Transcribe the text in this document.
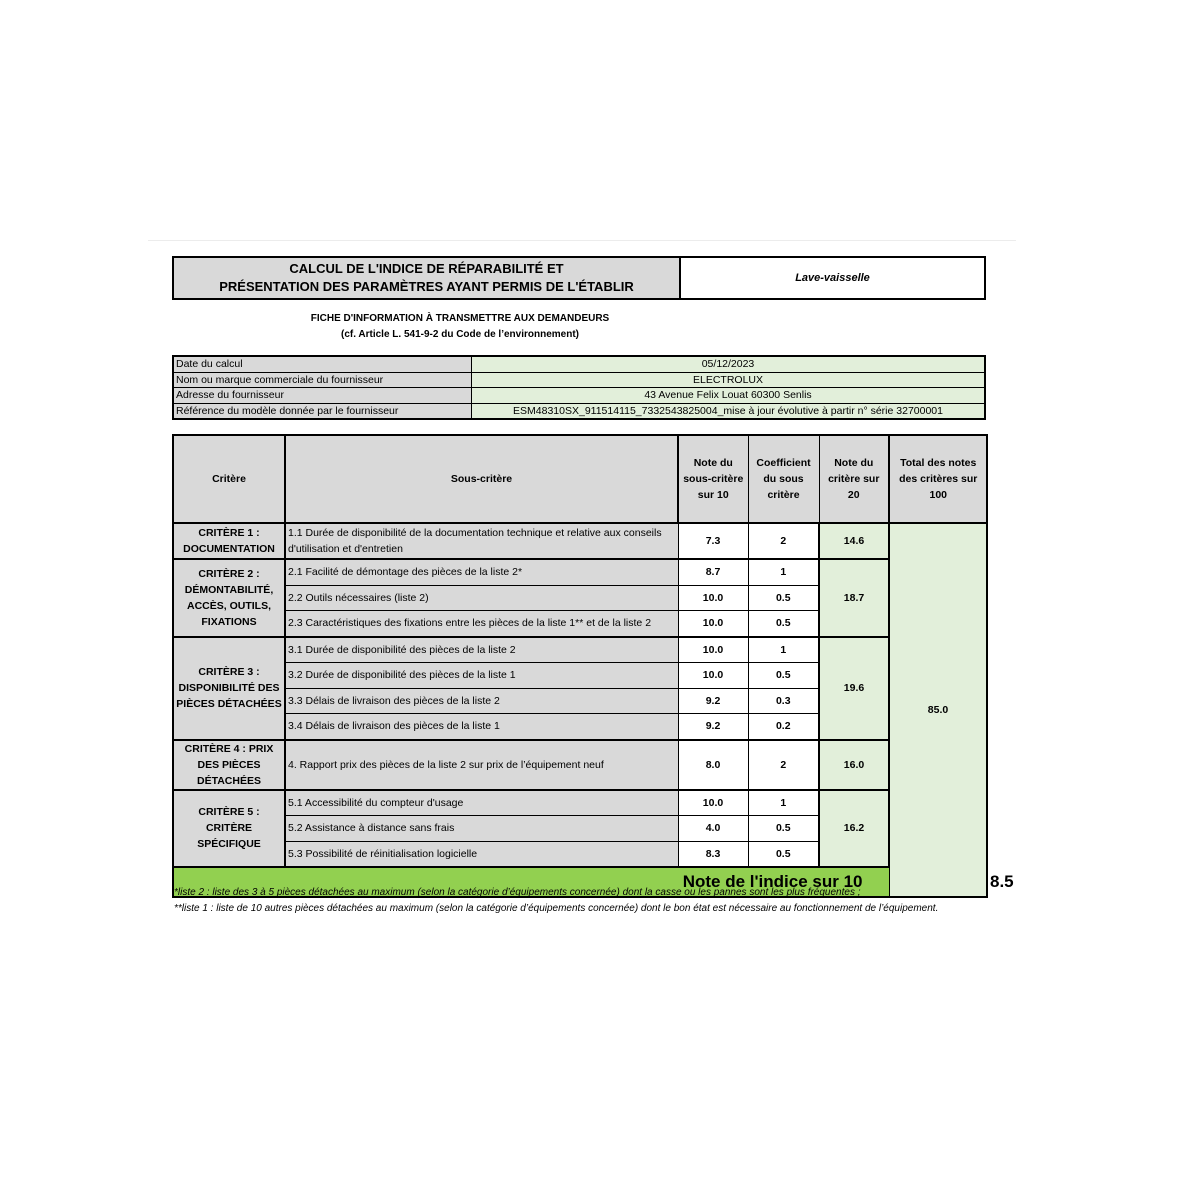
CALCUL DE L'INDICE DE RÉPARABILITÉ ET
PRÉSENTATION DES PARAMÈTRES AYANT PERMIS DE L'ÉTABLIR
Lave-vaisselle
FICHE D'INFORMATION À TRANSMETTRE AUX DEMANDEURS
(cf. Article L. 541-9-2 du Code de l’environnement)
Date du calcul	05/12/2023
Nom ou marque commerciale du fournisseur	ELECTROLUX
Adresse du fournisseur	43 Avenue Felix Louat 60300 Senlis
Référence du modèle donnée par le fournisseur	ESM48310SX_911514115_7332543825004_mise à jour évolutive à partir n° série 32700001
Critère	Sous-critère	Note du sous-critère sur 10	Coefficient du sous critère	Note du critère sur 20	Total des notes des critères sur 100	
CRITÈRE 1 : DOCUMENTATION	1.1 Durée de disponibilité de la documentation technique et relative aux conseils d'utilisation et d'entretien	7.3	2	14.6	85.0	
CRITÈRE 2 : DÉMONTABILITÉ, ACCÈS, OUTILS, FIXATIONS	2.1 Facilité de démontage des pièces de la liste 2*	8.7	1	18.7		
	2.2 Outils nécessaires (liste 2)	10.0	0.5			
	2.3 Caractéristiques des fixations entre les pièces de la liste 1** et de la liste 2	10.0	0.5			
CRITÈRE 3 : DISPONIBILITÉ DES PIÈCES DÉTACHÉES	3.1 Durée de disponibilité des pièces de la liste 2	10.0	1	19.6		
	3.2 Durée de disponibilité des pièces de la liste 1	10.0	0.5			
	3.3 Délais de livraison des pièces de la liste 2	9.2	0.3			
	3.4 Délais de livraison des pièces de la liste 1	9.2	0.2			
CRITÈRE 4 : PRIX DES PIÈCES DÉTACHÉES	4. Rapport prix des pièces de la liste 2 sur prix de l’équipement neuf	8.0	2	16.0		
CRITÈRE 5 : CRITÈRE SPÉCIFIQUE	5.1 Accessibilité du compteur d'usage	10.0	1	16.2		
	5.2 Assistance à distance sans frais	4.0	0.5			
	5.3 Possibilité de réinitialisation logicielle	8.3	0.5			
Note de l'indice sur 10						8.5
*liste 2 : liste des 3 à 5 pièces détachées au maximum (selon la catégorie d’équipements concernée) dont la casse ou les pannes sont les plus fréquentes ;
**liste 1 : liste de 10 autres pièces détachées au maximum (selon la catégorie d’équipements concernée) dont le bon état est nécessaire au fonctionnement de l’équipement.
